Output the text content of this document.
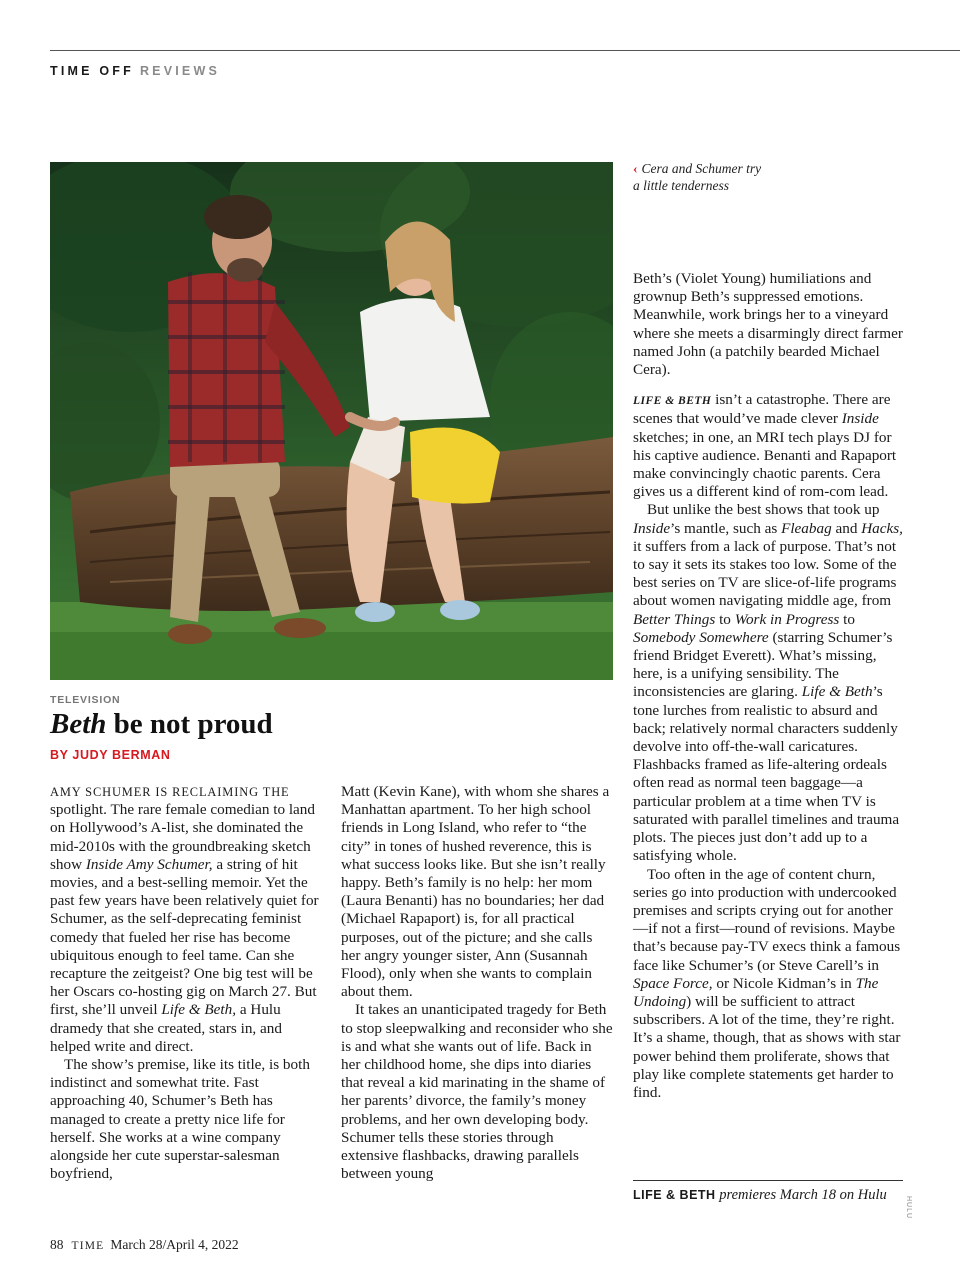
TIME OFF REVIEWS
‹ Cera and Schumer try a little tenderness
TELEVISION
Beth be not proud
BY JUDY BERMAN

AMY SCHUMER IS RECLAIMING THE spotlight. The rare female comedian to land on Hollywood’s A-list, she dominated the mid-2010s with the groundbreaking sketch show Inside Amy Schumer, a string of hit movies, and a best-selling memoir. Yet the past few years have been relatively quiet for Schumer, as the self-deprecating feminist comedy that fueled her rise has become ubiquitous enough to feel tame. Can she recapture the zeitgeist? One big test will be her Oscars co-hosting gig on March 27. But first, she’ll unveil Life & Beth, a Hulu dramedy that she created, stars in, and helped write and direct.

The show’s premise, like its title, is both indistinct and somewhat trite. Fast approaching 40, Schumer’s Beth has managed to create a pretty nice life for herself. She works at a wine company alongside her cute superstar-salesman boyfriend,

Matt (Kevin Kane), with whom she shares a Manhattan apartment. To her high school friends in Long Island, who refer to “the city” in tones of hushed reverence, this is what success looks like. But she isn’t really happy. Beth’s family is no help: her mom (Laura Benanti) has no boundaries; her dad (Michael Rapaport) is, for all practical purposes, out of the picture; and she calls her angry younger sister, Ann (Susannah Flood), only when she wants to complain about them.

It takes an unanticipated tragedy for Beth to stop sleepwalking and reconsider who she is and what she wants out of life. Back in her childhood home, she dips into diaries that reveal a kid marinating in the shame of her parents’ divorce, the family’s money problems, and her own developing body. Schumer tells these stories through extensive flashbacks, drawing parallels between young

Beth’s (Violet Young) humiliations and grownup Beth’s suppressed emotions. Meanwhile, work brings her to a vineyard where she meets a disarmingly direct farmer named John (a patchily bearded Michael Cera).

LIFE & BETH isn’t a catastrophe. There are scenes that would’ve made clever Inside sketches; in one, an MRI tech plays DJ for his captive audience. Benanti and Rapaport make convincingly chaotic parents. Cera gives us a different kind of rom-com lead.

But unlike the best shows that took up Inside’s mantle, such as Fleabag and Hacks, it suffers from a lack of purpose. That’s not to say it sets its stakes too low. Some of the best series on TV are slice-of-life programs about women navigating middle age, from Better Things to Work in Progress to Somebody Somewhere (starring Schumer’s friend Bridget Everett). What’s missing, here, is a unifying sensibility. The inconsistencies are glaring. Life & Beth’s tone lurches from realistic to absurd and back; relatively normal characters suddenly devolve into off-the-wall caricatures. Flashbacks framed as life-altering ordeals often read as normal teen baggage—a particular problem at a time when TV is saturated with parallel timelines and trauma plots. The pieces just don’t add up to a satisfying whole.

Too often in the age of content churn, series go into production with undercooked premises and scripts crying out for another—if not a first—round of revisions. Maybe that’s because pay-TV execs think a famous face like Schumer’s (or Steve Carell’s in Space Force, or Nicole Kidman’s in The Undoing) will be sufficient to attract subscribers. A lot of the time, they’re right. It’s a shame, though, that as shows with star power behind them proliferate, shows that play like complete statements get harder to find.

LIFE & BETH premieres March 18 on Hulu
HULU
88 TIME March 28/April 4, 2022
